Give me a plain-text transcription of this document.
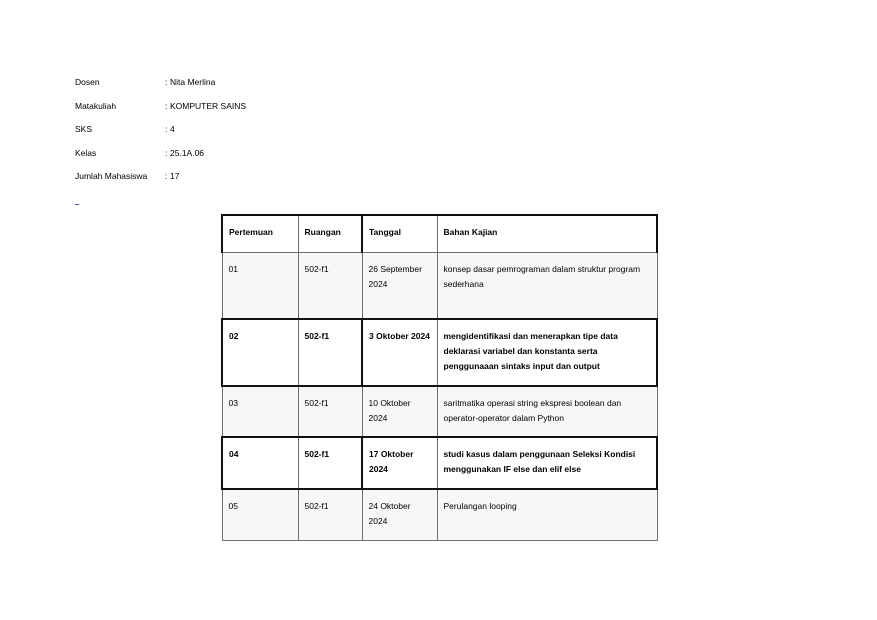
Dosen	: Nita Merlina
Matakuliah	: KOMPUTER SAINS
SKS	: 4
Kelas	: 25.1A.06
Jumlah Mahasiswa	: 17
Pertemuan	Ruangan	Tanggal	Bahan Kajian
01	502-f1	26 September 2024	konsep dasar pemrograman dalam struktur program sederhana
02	502-f1	3 Oktober 2024	mengidentifikasi dan menerapkan tipe data deklarasi variabel dan konstanta serta penggunaaan sintaks input dan output
03	502-f1	10 Oktober 2024	saritmatika operasi string ekspresi boolean dan operator-operator dalam Python
04	502-f1	17 Oktober 2024	studi kasus dalam penggunaan Seleksi Kondisi menggunakan IF else dan elif else
05	502-f1	24 Oktober 2024	Perulangan looping
